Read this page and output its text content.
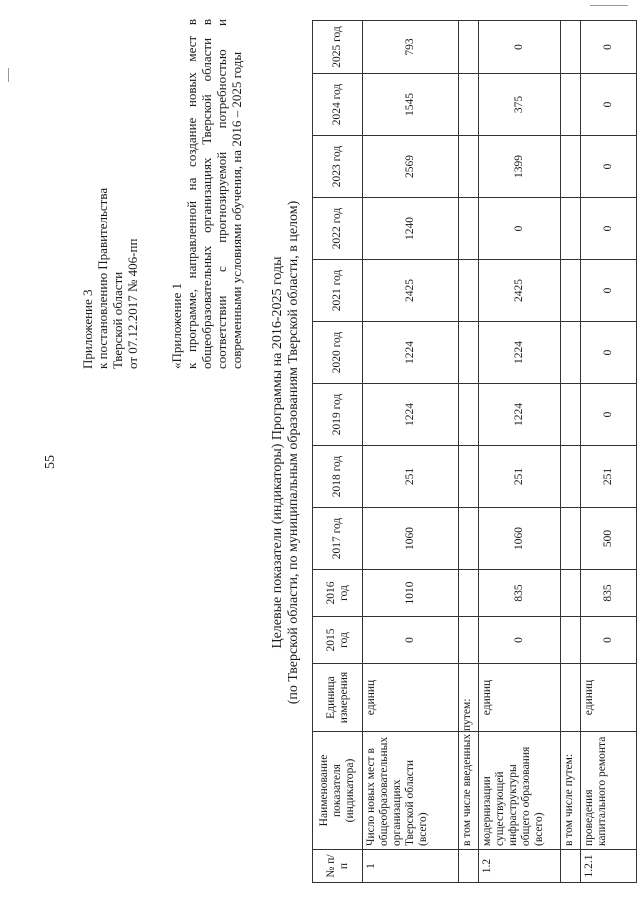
55
Приложение 3 к постановлению Правительства Тверской области от 07.12.2017 № 406-пп «Приложение 1 к программе, направленной на создание новых мест в общеобразовательных организациях Тверской области в соответствии с прогнозируемой потребностью и современными условиями обучения, на 2016 – 2025 годы
Целевые показатели (индикаторы) Программы на 2016-2025 годы (по Тверской области, по муниципальным образованиям Тверской области, в целом)
№ п/п	Наименование показателя (индикатора)	Единица измерения	2015 год	2016 год	2017 год	2018 год	2019 год	2020 год	2021 год	2022 год	2023 год	2024 год	2025 год
1	Число новых мест в общеобразовательных организациях Тверской области (всего)	единиц	0	1010	1060	251	1224	1224	2425	1240	2569	1545	793
	в том числе введенных путем:												
1.2	модернизации существующей инфраструктуры общего образования (всего)	единиц	0	835	1060	251	1224	1224	2425	0	1399	375	0
	в том числе путем:												
1.2.1	проведения капитального ремонта	единиц	0	835	500	251	0	0	0	0	0	0	0
